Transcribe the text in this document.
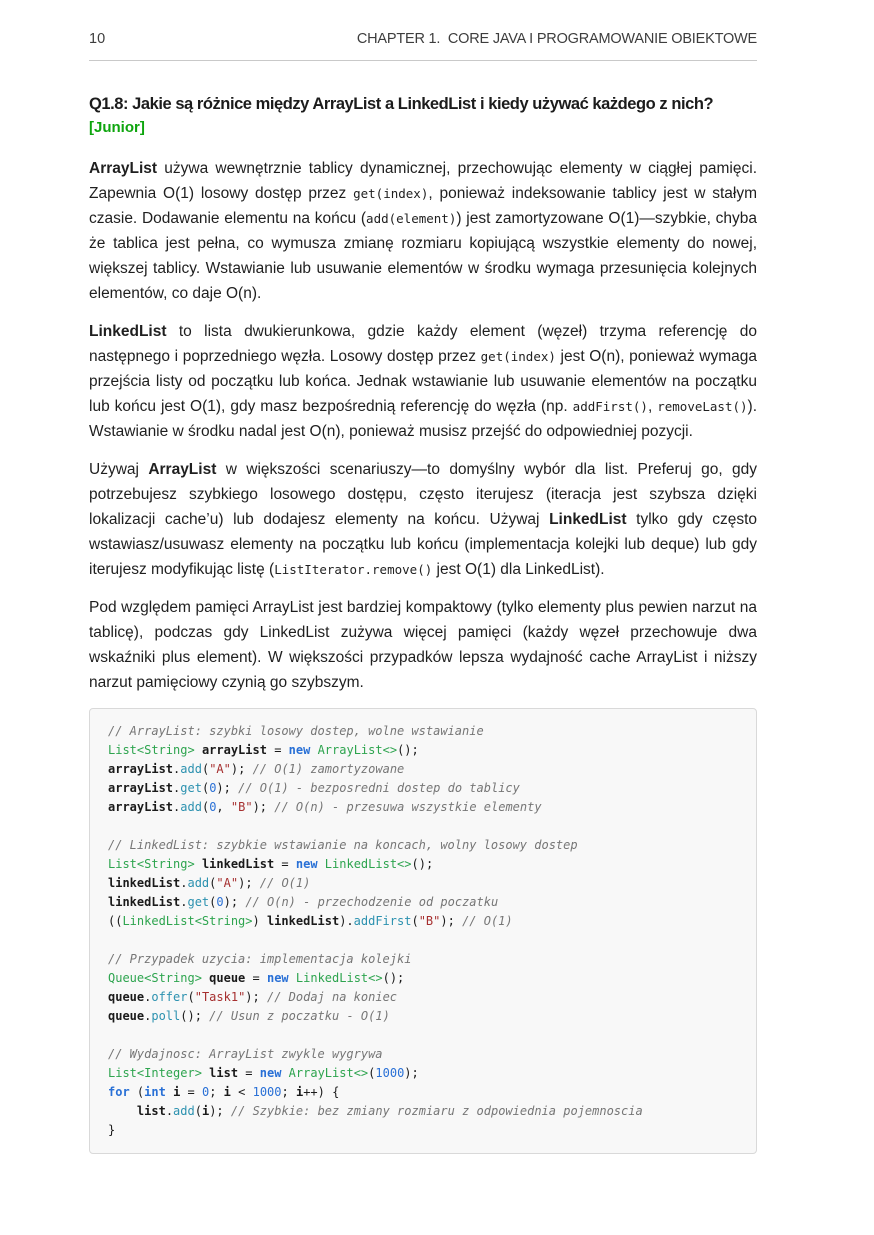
10	CHAPTER 1.  CORE JAVA I PROGRAMOWANIE OBIEKTOWE
Q1.8: Jakie są różnice między ArrayList a LinkedList i kiedy używać każdego z nich?
[Junior]

ArrayList używa wewnętrznie tablicy dynamicznej, przechowując elementy w ciągłej pamięci. Zapewnia O(1) losowy dostęp przez get(index), ponieważ indeksowanie tablicy jest w stałym czasie. Dodawanie elementu na końcu (add(element)) jest zamortyzowane O(1)—szybkie, chyba że tablica jest pełna, co wymusza zmianę rozmiaru kopiującą wszystkie elementy do nowej, większej tablicy. Wstawianie lub usuwanie elementów w środku wymaga przesunięcia kolejnych elementów, co daje O(n).

LinkedList to lista dwukierunkowa, gdzie każdy element (węzeł) trzyma referencję do następnego i poprzedniego węzła. Losowy dostęp przez get(index) jest O(n), ponieważ wymaga przejścia listy od początku lub końca. Jednak wstawianie lub usuwanie elementów na początku lub końcu jest O(1), gdy masz bezpośrednią referencję do węzła (np. addFirst(), removeLast()). Wstawianie w środku nadal jest O(n), ponieważ musisz przejść do odpowiedniej pozycji.

Używaj ArrayList w większości scenariuszy—to domyślny wybór dla list. Preferuj go, gdy potrzebujesz szybkiego losowego dostępu, często iterujesz (iteracja jest szybsza dzięki lokalizacji cache’u) lub dodajesz elementy na końcu. Używaj LinkedList tylko gdy często wstawiasz/usuwasz elementy na początku lub końcu (implementacja kolejki lub deque) lub gdy iterujesz modyfikując listę (ListIterator.remove() jest O(1) dla LinkedList).

Pod względem pamięci ArrayList jest bardziej kompaktowy (tylko elementy plus pewien narzut na tablicę), podczas gdy LinkedList zużywa więcej pamięci (każdy węzeł przechowuje dwa wskaźniki plus element). W większości przypadków lepsza wydajność cache ArrayList i niższy narzut pamięciowy czynią go szybszym.

// ArrayList: szybki losowy dostep, wolne wstawianie
List<String> arrayList = new ArrayList<>();
arrayList.add("A"); // O(1) zamortyzowane
arrayList.get(0); // O(1) - bezposredni dostep do tablicy
arrayList.add(0, "B"); // O(n) - przesuwa wszystkie elementy
// LinkedList: szybkie wstawianie na koncach, wolny losowy dostep
List<String> linkedList = new LinkedList<>();
linkedList.add("A"); // O(1)
linkedList.get(0); // O(n) - przechodzenie od poczatku
((LinkedList<String>) linkedList).addFirst("B"); // O(1)
// Przypadek uzycia: implementacja kolejki
Queue<String> queue = new LinkedList<>();
queue.offer("Task1"); // Dodaj na koniec
queue.poll(); // Usun z poczatku - O(1)
// Wydajnosc: ArrayList zwykle wygrywa
List<Integer> list = new ArrayList<>(1000);
for (int i = 0; i < 1000; i++) {
list.add(i); // Szybkie: bez zmiany rozmiaru z odpowiednia pojemnoscia
}
